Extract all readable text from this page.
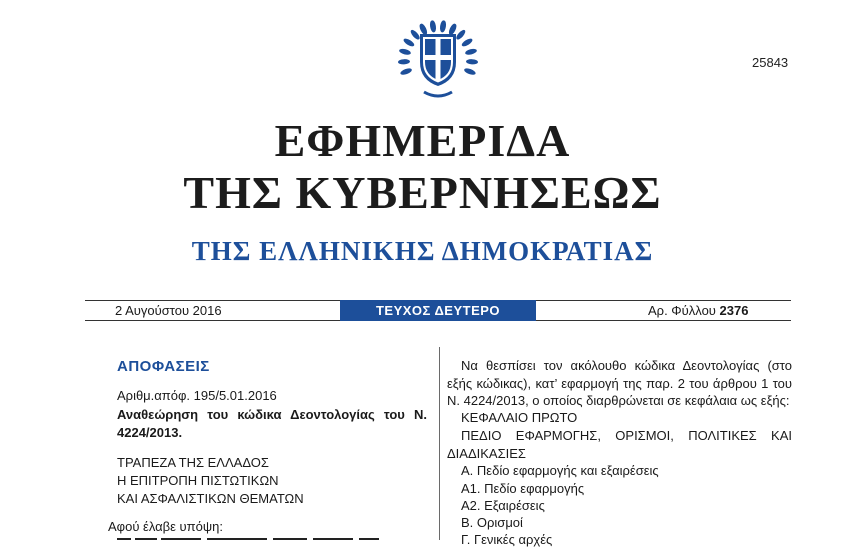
25843
ΕΦΗΜΕΡΙΔΑ
ΤΗΣ ΚΥΒΕΡΝΗΣΕΩΣ
ΤΗΣ ΕΛΛΗΝΙΚΗΣ ΔΗΜΟΚΡΑΤΙΑΣ
2 Αυγούστου 2016	ΤΕΥΧΟΣ ΔΕΥΤΕΡΟ	Αρ. Φύλλου 2376
ΑΠΟΦΑΣΕΙΣ
Αριθμ.απόφ. 195/5.01.2016
Αναθεώρηση του κώδικα Δεοντολογίας του Ν. 4224/2013.
ΤΡΑΠΕΖΑ ΤΗΣ ΕΛΛΑΔΟΣ
Η ΕΠΙΤΡΟΠΗ ΠΙΣΤΩΤΙΚΩΝ
ΚΑΙ ΑΣΦΑΛΙΣΤΙΚΩΝ ΘΕΜΑΤΩΝ
Αφού έλαβε υπόψη:
Να θεσπίσει τον ακόλουθο κώδικα Δεοντολογίας (στο εξής κώδικας), κατ’ εφαρμογή της παρ. 2 του άρθρου 1 του Ν. 4224/2013, ο οποίος διαρθρώνεται σε κεφάλαια ως εξής:
ΚΕΦΑΛΑΙΟ ΠΡΩΤΟ
ΠΕΔΙΟ ΕΦΑΡΜΟΓΗΣ, ΟΡΙΣΜΟΙ, ΠΟΛΙΤΙΚΕΣ ΚΑΙ ΔΙΑΔΙΚΑΣΙΕΣ
Α. Πεδίο εφαρμογής και εξαιρέσεις
Α1. Πεδίο εφαρμογής
Α2. Εξαιρέσεις
Β. Ορισμοί
Γ. Γενικές αρχές
